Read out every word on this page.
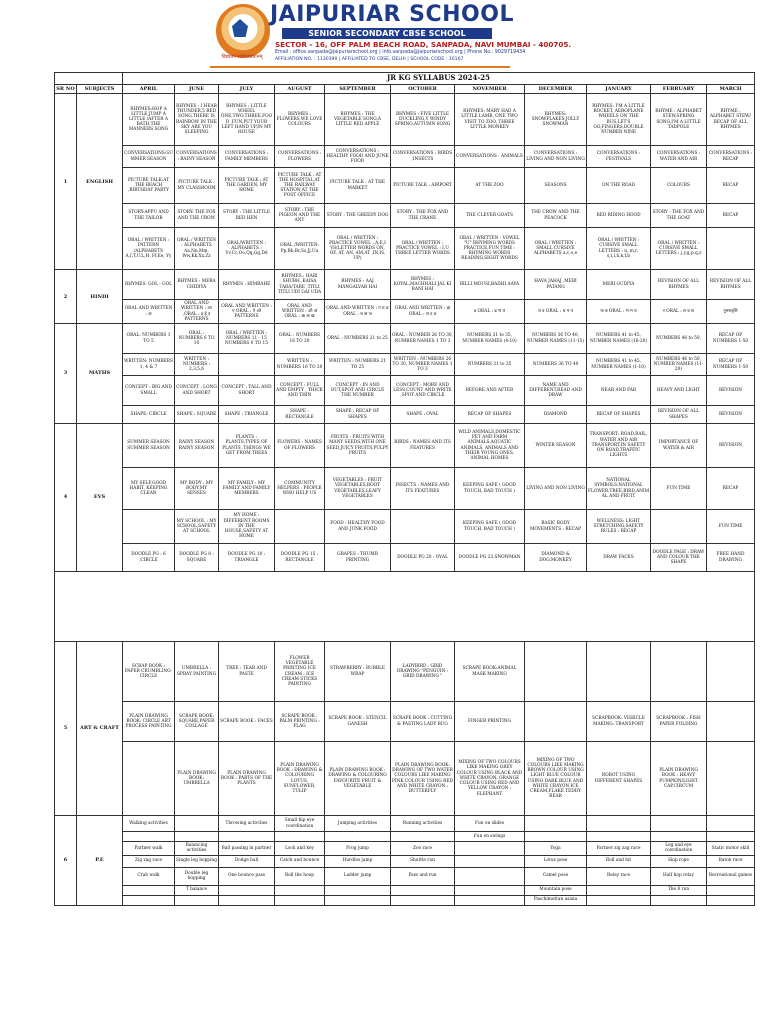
विद्याधनं सर्वधनप्रधानम्
JAIPURIAR SCHOOL
SENIOR SECONDARY CBSE SCHOOL
SECTOR - 16, OFF PALM BEACH ROAD, SANPADA, NAVI MUMBAI - 400705.
Email : office.sanpada@jaipuriarschool.org | info.sanpada@jaipuriarschool.org | Phone No.: 9029719434
AFFILIATION NO. : 1130390 | AFFILIATED TO CBSE, DELHI | SCHOOL CODE : 30167
		JR KG SYLLABUS 2024-25										
SR NO	SUBJECTS	APRIL	JUNE	JULY	AUGUST	SEPTEMBER	OCTOBER	NOVEMBER	DECEMBER	JANUARY	FEBRUARY	MARCH
1	ENGLISH	RHYMES:HOP A LITTLE,JUMP A LITTLE /AFTER A BATH,THE MANNERS SONG	RHYMES : I HEAR THUNDER,5 RED SONG,THERE IS RAINBOW IN THE SKY ARE YOU SLEEPING	RHYMES : LITTLE WHEEL ONE,TWO,THREE,FOOD ,FUN,PUT YOUR LEFT HAND UP,IN MY HOUSE	RHYMES : FLOWERS,WE LOVE COLOURS	RHYMES : THE VEGETABLE SONG,A LITTLE RED APPLE	RHYMES : FIVE LITTLE DUCKLING,Y WINDY SPRING,AUTUMN SONG	RHYMES: MARY HAD A LITTLE LAMB, ONE TWO VISIT TO ZOO, THREE LITTLE MONKEY	RHYMES: SNOWFLAKES,JOLLY SNOWMAN	RHYMES: I'M A LITTLE ROCKET, AEROPLANE WHEELS ON THE BUS,LET'S GO,FINGERS,DOUBLE NUMBER NINE	RHYME : ALPHABET STEW,SPRING SONG,I'M A LITTLE TADPOLE	RHYME : ALPHABET STEW/ RECAP OF ALL RHYMES
		CONVERSATIONS:SUMMER SEASON	CONVERSATIONS : RAINY SEASON	CONVERSATIONS : FAMILY MEMBERS	CONVERSATIONS : FLOWERS	CONVERSATIONS : HEALTHY FOOD AND JUNK FOOD	CONVERSATIONS : BIRDS ,INSECTS	CONVERSATIONS : ANIMALS	CONVERSATIONS : LIVING AND NON LIVING	CONVERSATIONS : FESTIVALS	CONVERSATIONS : WATER AND AIR	CONVERSATIONS : RECAP
		PICTURE TALK:AT THE BEACH ,BIRTHDAY PARTY	PICTURE TALK : MY CLASSROOM	PICTURE TALK : AT THE GARDEN, MY HOME	PICTURE TALK : AT THE HOSPITAL,AT THE RAILWAY STATION,AT THE POST OFFICE	PICTURE TALK : AT THE MARKET	PICTURE TALK : AIRPORT	AT THE ZOO	SEASONS	ON THE ROAD	COLOURS	RECAP
		STORY:APPU AND THE TAILOR	STORY: THE FOX AND THE CROW	STORY : THE LITTLE RED HEN	STORY : THE PIGEON AND THE ANT	STORY : THE GREEDY DOG	STORY : THE FOX AND THE CRANE	THE CLEVER GOATS	THE CROW AND THE PEACOCK	RED RIDING HOOD	STORY : THE FOX AND THE GOAT	RECAP
		ORAL / WRITTEN : PATTERN /ALPHABETS A,I,T,U,L,H, Ff,Ee, Yy	ORAL / WRITTEN : ALPHABETS Aa,Nn,Mm, Ww,Kk,Xx,Zz	ORAL/WRITTEN : ALPHABETS : Vv,Cc,Oo,Qq,Gg,Dd	ORAL /WRITTEN: Pp,Bb,Rr,Ss,Jj,Uu	ORAL / WRITTEN : PRACTICE VOWEL : A,E,I VS(LETTER WORDS ON, OF, AT, AN, AM,AT ,IN,IS, UP)	ORAL / WRITTEN : PRACTICE VOWEL : I,U THREE LETTER WORDS	ORAL / WRITTEN : VOWEL "U" RHYMING WORDS PRACTICE,FUN TIME : RHYMING WORDS READING,SIGHT WORDS	ORAL / WRITTEN : SMALL CURSIVE ALPHABETS a,c,o,e	ORAL / WRITTEN : CURSIVE SMALL LETTERS : n, m,r, s,t,l,h,k,f,b	ORAL / WRITTEN : CURSIVE SMALL LETTERS : j,y,g,p,q,z	
2	HINDI	RHYMES: GOL - GOL	RHYMES : MERA CHIDIYA	RHYMES : HIMBAHE	RHYMES : HARI SHUBH ,KAISA TARA/TARE ,TITLI TITLI UDI GAI UDA	RHYMES : AAJ MANGALVAR HAI	RHYMES : KOYAL,MACHHALI JAL KI RANI HAI	BILLI MOUSI,BADHI AAYA	HAVA JAHAJ ,MERI PATANG	MERI GUDIYA	REVISION OF ALL RHYMES	REVISION OF ALL RHYMES
		ORAL AND WRITTEN : अ	ORAL AND WRITTEN : आ ,ORAL : इ ई उ PATTERNS	ORAL AND WRITTEN : ए ORAL : ऐ ओ PATTERNS	ORAL AND WRITTEN : औ अं ORAL : ऋ क ख	ORAL AND WRITTEN : ग घ ङ ORAL : च छ ज	ORAL AND WRITTEN : झ ORAL : ञ ट ठ	ड ORAL : ढ ण त	थ द ORAL : ध न प	फ ब ORAL : भ म य	र ORAL : ल व श	पुनरावृत्ति
3	MATHS	ORAL: NUMBERS 1 TO 5	ORAL : NUMBERS 6 TO 10	ORAL / WRITTEN : NUMBERS 11 - 15 NUMBERS 0 TO 15	ORAL : NUMBERS 16 TO 20	ORAL : NUMBERS 21 to 25	ORAL : NUMBER 26 TO 30, NUMBER NAMES 1 TO 3	NUMBERS 31 to 35, NUMBER NAMES (4-10)	NUMBERS 36 TO 40, NUMBER NAMES (11-15)	NUMBERS 41 to 45, NUMBER NAMES (16-20)	NUMBERS 46 to 50,	RECAP OF NUMBERS 1-50
		WRITTEN: NUMBERS 1, 4 & 7	WRITTEN : NUMBERS : 2,3,5,6		WRITTEN : NUMBERS 16 TO 20	WRITTEN : NUMBERS 21 TO 25	WRITTEN : NUMBERS 26 TO 30, NUMBER NAMES 1 TO 3	NUMBERS 31 to 35	NUMBERS 36 TO 40	NUMBERS 41 to 45, NUMBER NAMES (1-10)	NUMBERS 46 to 50, NUMBER NAMES (11-20)	RECAP OF NUMBERS 1-50
		CONCEPT : BIG AND SMALL	CONCEPT : LONG AND SHORT	CONCEPT : TALL AND SHORT	CONCEPT : FULL AND EMPTY , THICK AND THIN	CONCEPT : IN AND OUT,SPOT AND CIRCLE THE NUMBER	CONCEPT : MORE AND LESS,COUNT AND WRITE ,SPOT AND CIRCLE	BEFORE AND AFTER	NAME AND DIFFERENT,READ AND DRAW	NEAR AND FAR	HEAVY AND LIGHT	REVISION
		SHAPE: CIRCLE	SHAPE : SQUARE	SHAPE : TRIANGLE	SHAPE : RECTANGLE	SHAPE : RECAP OF SHAPES	SHAPE : OVAL	RECAP OF SHAPES	DIAMOND	RECAP OF SHAPES	REVISION OF ALL SHAPES	REVISION
4	EVS	SUMMER SEASON SUMMER SEASON	RAINY SEASON RAINY SEASON	PLANTS : PLANTS,TYPES OF PLANTS ,THINGS WE GET FROM TREES	FLOWERS : NAMES OF FLOWERS	FRUITS : FRUITS WITH MANY SEEDS,WITH ONE SEED,JUICY FRUITS,PULPY FRUITS	BIRDS : NAMES AND ITS FEATURES	WILD ANIMALS,DOMESTIC PET AND FARM ANIMALS,AQUATIC ANIMALS, ANIMALS AND THEIR YOUNG ONES, ANIMAL HOMES	WINTER SEASON	TRANSPORT: ROAD,RAIL, WATER AND AIR TRANSPORT,IN SAFETY ON ROAD,TRAFFIC LIGHTS	IMPORTANCE OF WATER & AIR	REVISION
		MY SELF,GOOD HABIT, KEEPING CLEAN	MY BODY : MY BODY,MY SENSES	MY FAMILY : MY FAMILY AND FAMILY MEMBERS	COMMUNITY HELPERS : PEOPLE WHO HELP US	VEGETABLES : FRUIT VEGETABLES,ROOT VEGETABLES,LEAFY VEGETABLES	INSECTS : NAMES AND ITS FEATURES	KEEPING SAFE ( GOOD TOUCH, BAD TOUCH )	LIVING AND NON LIVING	NATIONAL SYMBOLS:NATIONAL FLOWER,TREE,BIRD,ANIMAL AND FRUIT	FUN TIME	RECAP
			MY SCHOOL : MY SCHOOL,SAFETY AT SCHOOL	MY HOME : DIFFERENT ROOMS IN THE HOUSE,SAFETY AT HOME		FOOD : HEALTHY FOOD AND JUNK FOOD		KEEPING SAFE ( GOOD TOUCH, BAD TOUCH )	BASIC BODY MOVEMENTS : RECAP	WELLNESS: LIGHT STRETCHING,SAFETY RULES : RECAP		FUN TIME
		DOODLE PG : 6 ,CIRCLE	DOODLE PG 8 : SQUARE	DOODLE PG 10 : TRIANGLE	DOODLE PG 15 : RECTANGLE	GRAPES : THUMB PRINTING	DOODLE PG 20 : OVAL	DOODLE PG 23,SNOWMAN	DIAMOND & DOG,MONKEY	DRAW FACES	DOODLE PAGE : DRAW AND COLOUR THE SHAPE	FREE HAND DRAWING

5	ART & CRAFT	SCRAP BOOK : PAPER CRUMBLING-CIRCLE	UMBRELLA : SPRAY PAINTING	TREE : TEAR AND PASTE	FLOWER VEGETABLE PRINTING ICE CREAM : ICE CREAM STICKS PAINTING	STRAWBERRY : BUBBLE WRAP	LADYBIRD : GRID DRAWING "PENGUIN : GRID DRAWING "	SCRAPE BOOK:ANIMAL MASK MAKING				
		PLAIN DRAWING BOOK: CIRCLE ART PROCESS PAINTING	SCRAPE BOOK: SQUARE,PAPER COLLAGE	SCRAPE BOOK : FACES	SCRAPE BOOK : PALM PRINTING : FLAG	SCRAPE BOOK : STENCIL GANESH	SCRAPE BOOK : CUTTING & PASTING LADY BUG	FINGER PRINTING		SCRAPBOOK: VEHICLE MAKING: TRANSPORT	SCRAPBOOK : FISH PAPER FOLDING	
			PLAIN DRAWING BOOK: UMBRELLA	PLAIN DRAWING BOOK : PARTS OF THE PLANTS	PLAIN DRAWING BOOK : DRAWING & COLOURING LOTUS, SUNFLOWER, TULIP	PLAIN DRAWING BOOK : DRAWING & COLOURING FAVOURITE FRUIT & VEGETABLE	PLAIN DRAWING BOOK: DRAWING OF TWO WATER COLOURS LIKE MAKING PINK COLOUR USING RED AND WHITE CRAYON : BUTTERFLY	MIXING OF TWO COLOURS LIKE MAKING GREY COLOUR USING BLACK AND WHITE CRAYON, ORANGE COLOUR USING RED AND YELLOW CRAYON : ELEPHANT	MIXING OF TWO COLOURS LIKE MAKING BROWN COLOUR USING LIGHT BLUE COLOUR USING DARK BLUE AND WHITE CRAYON ICE CREAM,FLAKE TEDDY BEAR	ROBOT USING DIFFERENT SHAPES	PLAIN DRAWING BOOK : HEAVY PUMPKIN/LIGHT CAP,CIRCUM	
6	P.E	Walking activities		Throwing activities	Small hip eye coordination	Jumping activities	Running activities	Fun on slides				
								Fun on swings				
		Partner walk	Balancing activities	Ball passing in partner	Lock and key	Frog jump	Zoo race		Yoga	Partner zig zag race	Leg and eye coordination	Static motor skill
		Zig zag race	Single leg hopping	Dodge ball	Catch and bounce	Hurdles jump	Shuttle run		Lotus pose	Roll and hit	Skip rope	Baton race
		Crab walk	Double leg hopping	One bounce pass	Roll the hoop	Ladder jump	Pass and run		Camel pose	Relay race	Half hop relay	Recreational games
			T balance						Mountain pose		The 8 run	
									Paschimottan asana			
